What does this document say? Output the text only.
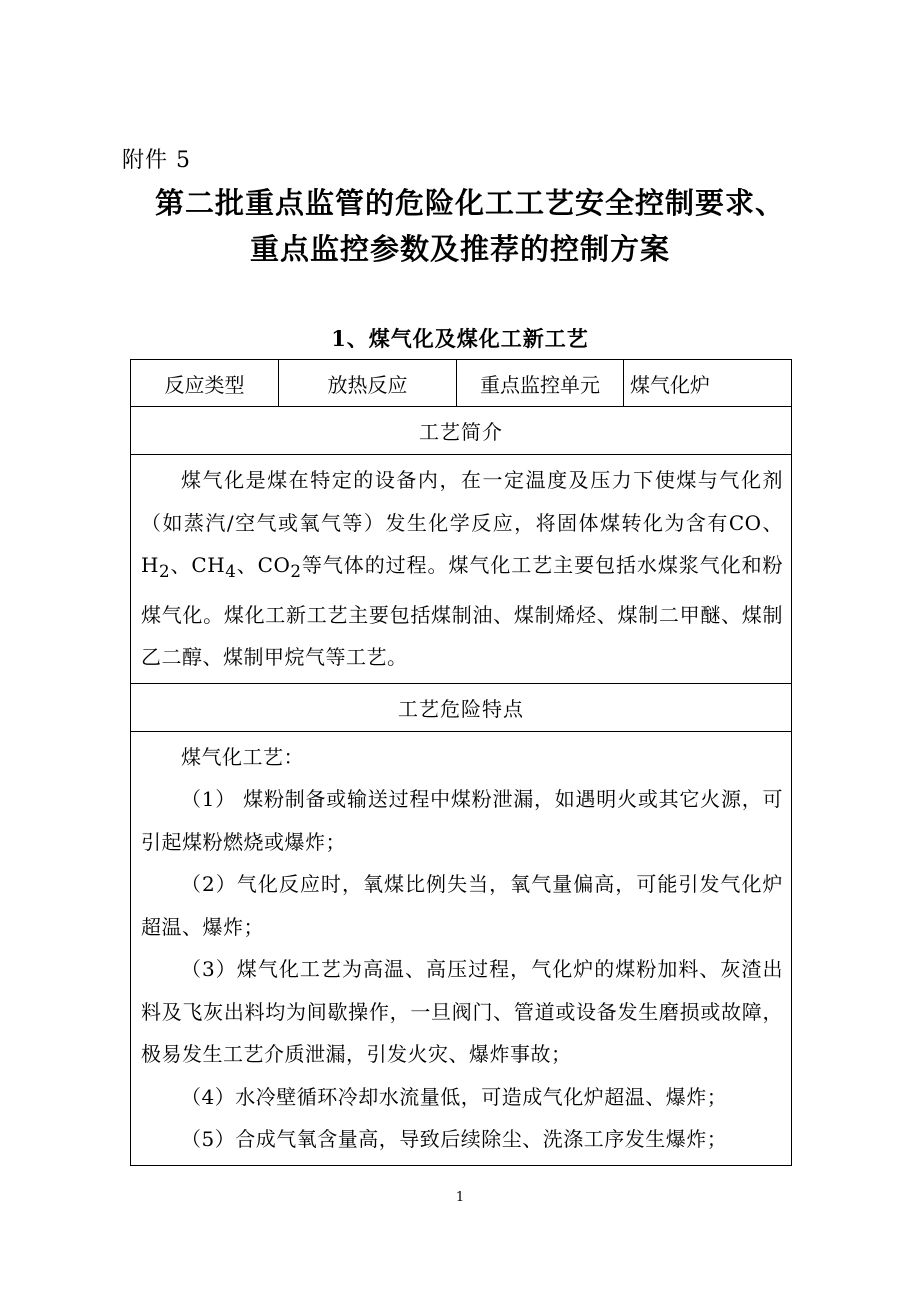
附件 5
第二批重点监管的危险化工工艺安全控制要求、
重点监控参数及推荐的控制方案
1、煤气化及煤化工新工艺
反应类型	放热反应	重点监控单元	煤气化炉
工艺简介

煤气化是煤在特定的设备内，在一定温度及压力下使煤与气化剂（如蒸汽/空气或氧气等）发生化学反应，将固体煤转化为含有CO、$H_2$、$CH_4$、$CO_2$等气体的过程。煤气化工艺主要包括水煤浆气化和粉煤气化。煤化工新工艺主要包括煤制油、煤制烯烃、煤制二甲醚、煤制乙二醇、煤制甲烷气等工艺。

工艺危险特点

煤气化工艺：

（1） 煤粉制备或输送过程中煤粉泄漏，如遇明火或其它火源，可引起煤粉燃烧或爆炸；

（2）气化反应时，氧煤比例失当，氧气量偏高，可能引发气化炉超温、爆炸；

（3）煤气化工艺为高温、高压过程，气化炉的煤粉加料、灰渣出料及飞灰出料均为间歇操作，一旦阀门、管道或设备发生磨损或故障，极易发生工艺介质泄漏，引发火灾、爆炸事故；

（4）水冷壁循环冷却水流量低，可造成气化炉超温、爆炸；

（5）合成气氧含量高，导致后续除尘、洗涤工序发生爆炸；

1
